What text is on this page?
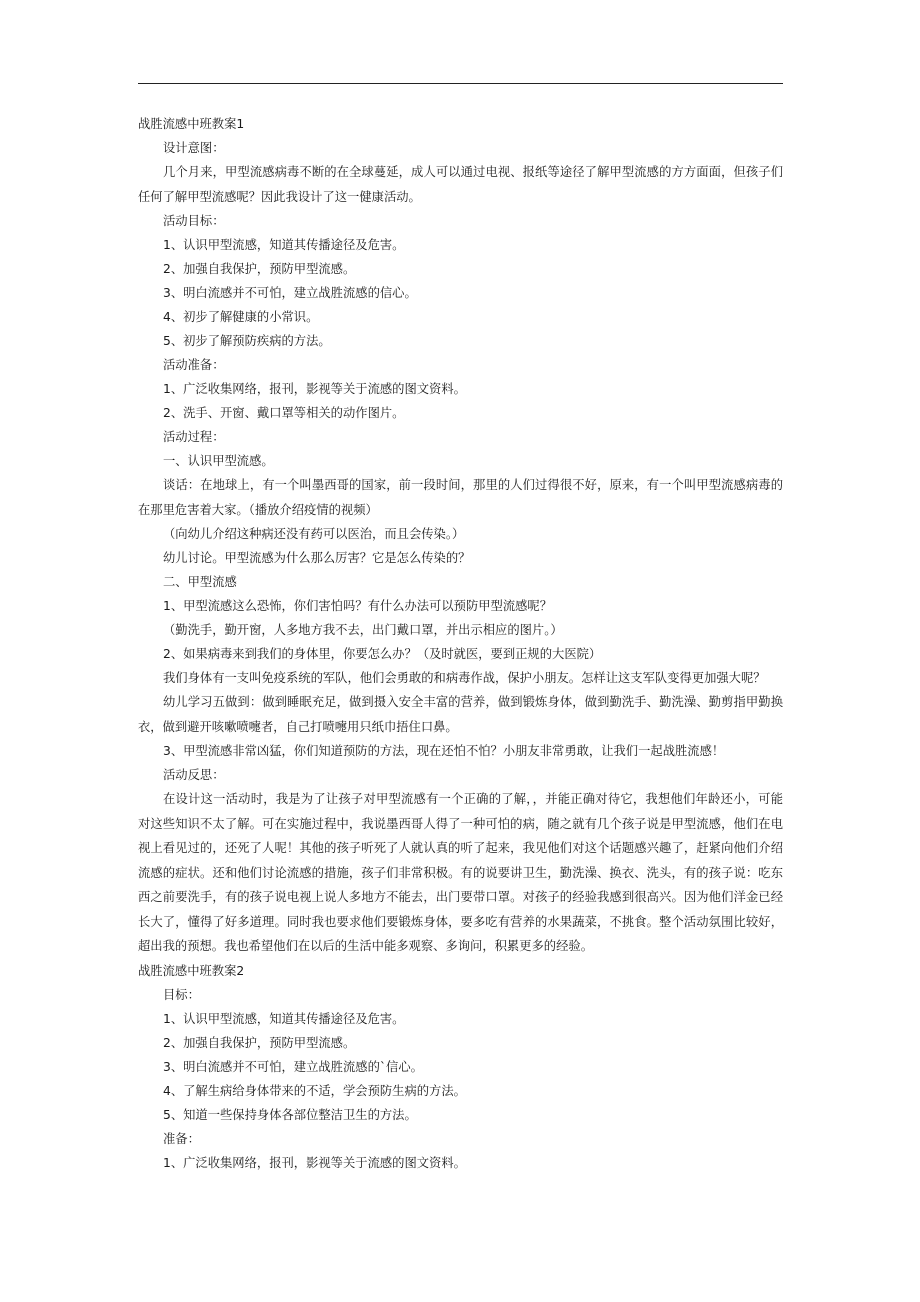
战胜流感中班教案1

设计意图：

几个月来，甲型流感病毒不断的在全球蔓延，成人可以通过电视、报纸等途径了解甲型流感的方方面面，但孩子们任何了解甲型流感呢？因此我设计了这一健康活动。

活动目标：

1、认识甲型流感，知道其传播途径及危害。

2、加强自我保护，预防甲型流感。

3、明白流感并不可怕，建立战胜流感的信心。

4、初步了解健康的小常识。

5、初步了解预防疾病的方法。

活动准备：

1、广泛收集网络，报刊，影视等关于流感的图文资料。

2、洗手、开窗、戴口罩等相关的动作图片。

活动过程：

一、认识甲型流感。

谈话：在地球上，有一个叫墨西哥的国家，前一段时间，那里的人们过得很不好，原来，有一个叫甲型流感病毒的在那里危害着大家。（播放介绍疫情的视频）

（向幼儿介绍这种病还没有药可以医治，而且会传染。）

幼儿讨论。甲型流感为什么那么厉害？它是怎么传染的？

二、甲型流感

1、甲型流感这么恐怖，你们害怕吗？有什么办法可以预防甲型流感呢？

（勤洗手，勤开窗，人多地方我不去，出门戴口罩，并出示相应的图片。）

2、如果病毒来到我们的身体里，你要怎么办？（及时就医，要到正规的大医院）

我们身体有一支叫免疫系统的军队，他们会勇敢的和病毒作战，保护小朋友。怎样让这支军队变得更加强大呢？

幼儿学习五做到：做到睡眠充足，做到摄入安全丰富的营养，做到锻炼身体，做到勤洗手、勤洗澡、勤剪指甲勤换衣，做到避开咳嗽喷嚏者，自己打喷嚏用只纸巾捂住口鼻。

3、甲型流感非常凶猛，你们知道预防的方法，现在还怕不怕？小朋友非常勇敢，让我们一起战胜流感！

活动反思：

在设计这一活动时，我是为了让孩子对甲型流感有一个正确的了解，，并能正确对待它，我想他们年龄还小，可能对这些知识不太了解。可在实施过程中，我说墨西哥人得了一种可怕的病，随之就有几个孩子说是甲型流感，他们在电视上看见过的，还死了人呢！其他的孩子听死了人就认真的听了起来，我见他们对这个话题感兴趣了，赶紧向他们介绍流感的症状。还和他们讨论流感的措施，孩子们非常积极。有的说要讲卫生，勤洗澡、换衣、洗头，有的孩子说：吃东西之前要洗手，有的孩子说电视上说人多地方不能去，出门要带口罩。对孩子的经验我感到很高兴。因为他们洋金已经长大了，懂得了好多道理。同时我也要求他们要锻炼身体，要多吃有营养的水果蔬菜，不挑食。整个活动氛围比较好，超出我的预想。我也希望他们在以后的生活中能多观察、多询问，积累更多的经验。

战胜流感中班教案2

目标：

1、认识甲型流感，知道其传播途径及危害。

2、加强自我保护，预防甲型流感。

3、明白流感并不可怕，建立战胜流感的`信心。

4、了解生病给身体带来的不适，学会预防生病的方法。

5、知道一些保持身体各部位整洁卫生的方法。

准备：

1、广泛收集网络，报刊，影视等关于流感的图文资料。
